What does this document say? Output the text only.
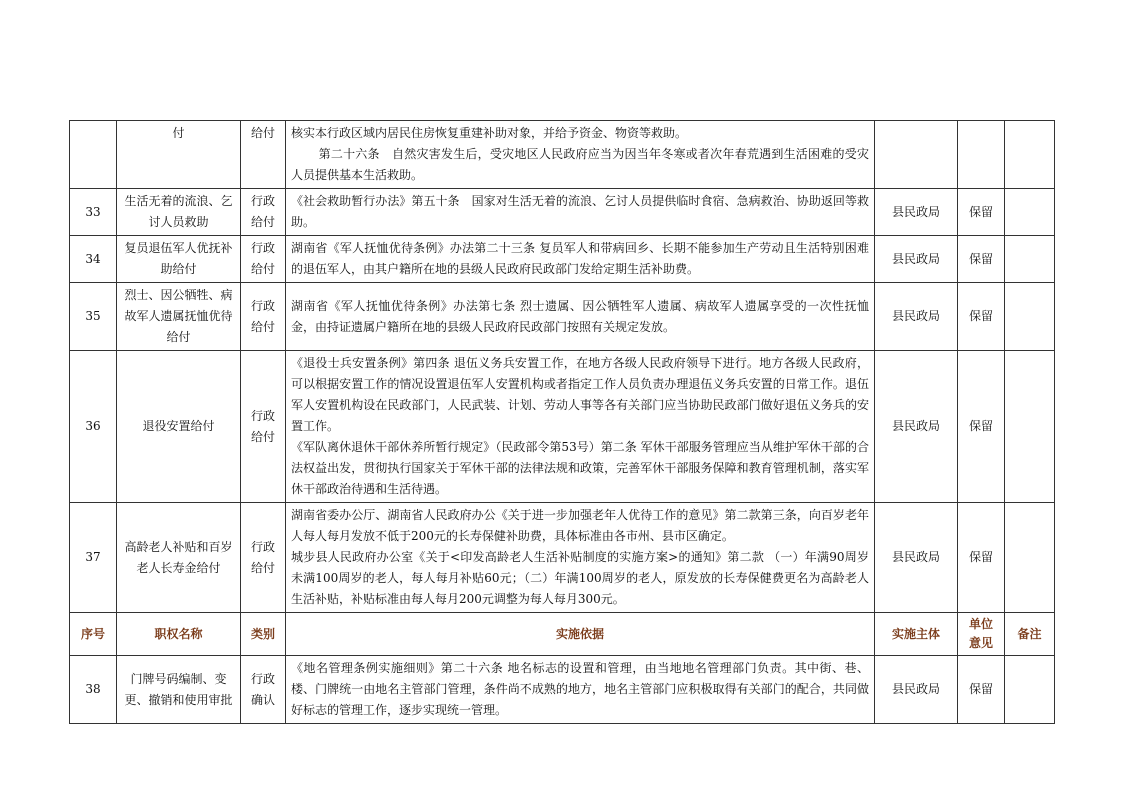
	付	给付	核实本行政区域内居民住房恢复重建补助对象，并给予资金、物资等救助。
第二十六条　自然灾害发生后，受灾地区人民政府应当为因当年冬寒或者次年春荒遇到生活困难的受灾人员提供基本生活救助。			

33	生活无着的流浪、乞讨人员救助	行政给付	《社会救助暂行办法》第五十条　国家对生活无着的流浪、乞讨人员提供临时食宿、急病救治、协助返回等救助。	县民政局	保留	
34	复员退伍军人优抚补助给付	行政给付	湖南省《军人抚恤优待条例》办法第二十三条 复员军人和带病回乡、长期不能参加生产劳动且生活特别困难的退伍军人，由其户籍所在地的县级人民政府民政部门发给定期生活补助费。	县民政局	保留	
35	烈士、因公牺牲、病故军人遗属抚恤优待给付	行政给付	湖南省《军人抚恤优待条例》办法第七条 烈士遗属、因公牺牲军人遗属、病故军人遗属享受的一次性抚恤金，由持证遗属户籍所在地的县级人民政府民政部门按照有关规定发放。	县民政局	保留	
36	退役安置给付	行政给付	《退役士兵安置条例》第四条 退伍义务兵安置工作，在地方各级人民政府领导下进行。地方各级人民政府，可以根据安置工作的情况设置退伍军人安置机构或者指定工作人员负责办理退伍义务兵安置的日常工作。退伍军人安置机构设在民政部门，人民武装、计划、劳动人事等各有关部门应当协助民政部门做好退伍义务兵的安置工作。
《军队离休退休干部休养所暂行规定》（民政部令第53号）第二条 军休干部服务管理应当从维护军休干部的合法权益出发，贯彻执行国家关于军休干部的法律法规和政策，完善军休干部服务保障和教育管理机制，落实军休干部政治待遇和生活待遇。	县民政局	保留	
37	高龄老人补贴和百岁老人长寿金给付	行政给付	湖南省委办公厅、湖南省人民政府办公《关于进一步加强老年人优待工作的意见》第二款第三条，向百岁老年人每人每月发放不低于200元的长寿保健补助费，具体标准由各市州、县市区确定。
城步县人民政府办公室《关于<印发高龄老人生活补贴制度的实施方案>的通知》第二款 （一）年满90周岁未满100周岁的老人，每人每月补贴60元；（二）年满100周岁的老人，原发放的长寿保健费更名为高龄老人生活补贴，补贴标准由每人每月200元调整为每人每月300元。	县民政局	保留	
序号	职权名称	类别	实施依据	实施主体	单位意见	备注
38	门牌号码编制、变更、撤销和使用审批	行政确认	《地名管理条例实施细则》第二十六条 地名标志的设置和管理，由当地地名管理部门负责。其中街、巷、楼、门牌统一由地名主管部门管理，条件尚不成熟的地方，地名主管部门应积极取得有关部门的配合，共同做好标志的管理工作，逐步实现统一管理。	县民政局	保留	
